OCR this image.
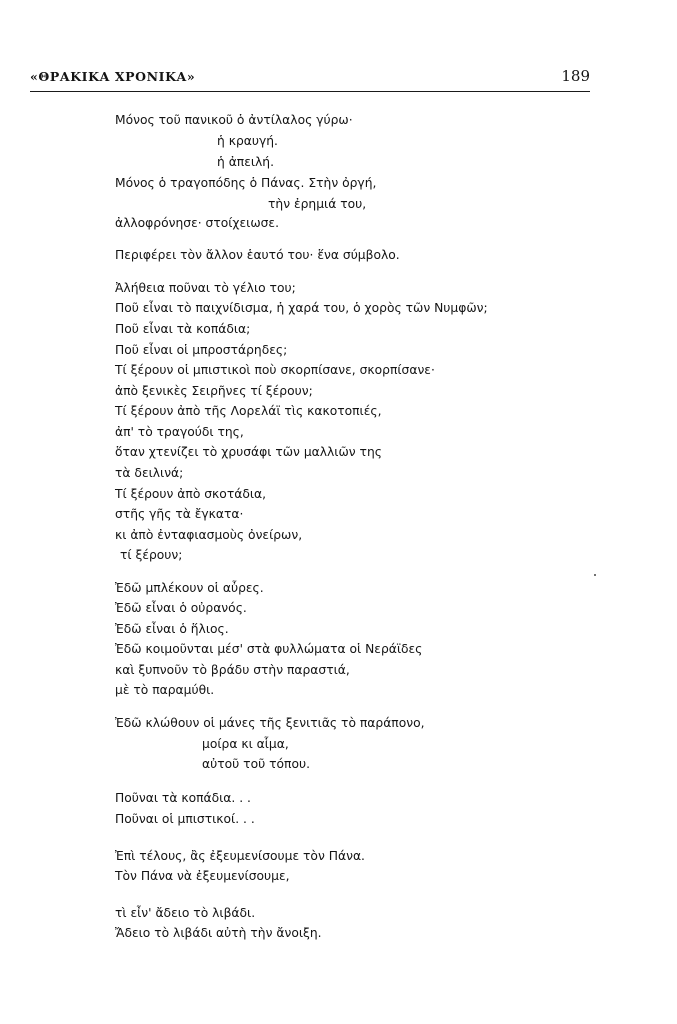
«ΘΡΑΚΙΚΑ ΧΡΟΝΙΚΑ»	189
Μόνος τοῦ πανικοῦ ὁ ἀντίλαλος γύρω·
ἡ κραυγή.
ἡ ἀπειλή.
Μόνος ὁ τραγοπόδης ὁ Πάνας. Στὴν ὀργή,
τὴν ἐρημιά του,
ἀλλοφρόνησε· στοίχειωσε.
Περιφέρει τὸν ἄλλον ἑαυτό του· ἕνα σύμβολο.
Ἀλήθεια ποῦναι τὸ γέλιο του;
Ποῦ εἶναι τὸ παιχνίδισμα, ἡ χαρά του, ὁ χορὸς τῶν Νυμφῶν;
Ποῦ εἶναι τὰ κοπάδια;
Ποῦ εἶναι οἱ μπροστάρηδες;
Τί ξέρουν οἱ μπιστικοὶ ποὺ σκορπίσανε, σκορπίσανε·
ἀπὸ ξενικὲς Σειρῆνες τί ξέρουν;
Τί ξέρουν ἀπὸ τῆς Λορελάϊ τὶς κακοτοπιές,
ἀπ' τὸ τραγούδι της,
ὅταν χτενίζει τὸ χρυσάφι τῶν μαλλιῶν της
τὰ δειλινά;
Τί ξέρουν ἀπὸ σκοτάδια,
στῆς γῆς τὰ ἔγκατα·
κι ἀπὸ ἐνταφιασμοὺς ὀνείρων,
τί ξέρουν;
Ἐδῶ μπλέκουν οἱ αὖρες.
Ἐδῶ εἶναι ὁ οὐρανός.
Ἐδῶ εἶναι ὁ ἥλιος.
Ἐδῶ κοιμοῦνται μέσ' στὰ φυλλώματα οἱ Νεράϊδες
καὶ ξυπνοῦν τὸ βράδυ στὴν παραστιά,
μὲ τὸ παραμύθι.
Ἐδῶ κλώθουν οἱ μάνες τῆς ξενιτιᾶς τὸ παράπονο,
μοίρα κι αἷμα,
αὐτοῦ τοῦ τόπου.
Ποῦναι τὰ κοπάδια. . .
Ποῦναι οἱ μπιστικοί. . .
Ἐπὶ τέλους, ἂς ἐξευμενίσουμε τὸν Πάνα.
Τὸν Πάνα νὰ ἐξευμενίσουμε,
τὶ εἶν' ἄδειο τὸ λιβάδι.
Ἄδειο τὸ λιβάδι αὐτὴ τὴν ἄνοιξη.
